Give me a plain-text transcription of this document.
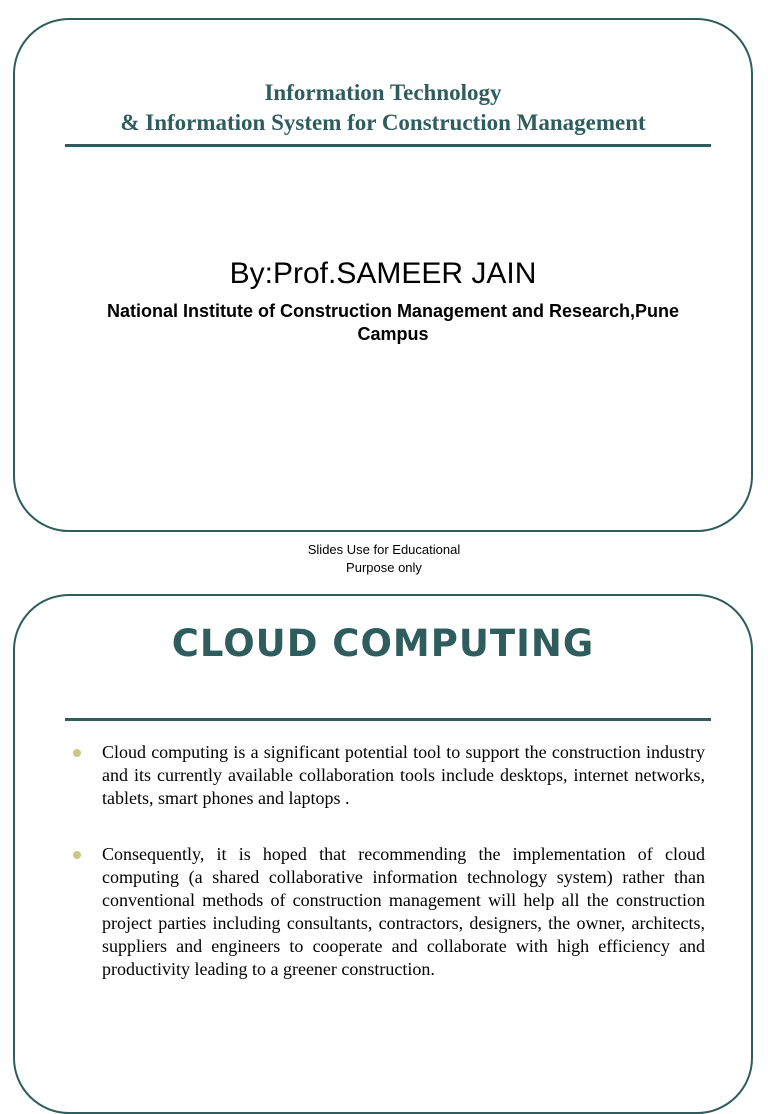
Information Technology
& Information System for Construction Management
By:Prof.SAMEER JAIN
National Institute of Construction Management and Research,Pune Campus
Slides Use for Educational
Purpose only
CLOUD COMPUTING
Cloud computing is a significant potential tool to support the construction industry and its currently available collaboration tools include desktops, internet networks, tablets, smart phones and laptops .
Consequently, it is hoped that recommending the implementation of cloud computing (a shared collaborative information technology system) rather than conventional methods of construction management will help all the construction project parties including consultants, contractors, designers, the owner, architects, suppliers and engineers to cooperate and collaborate with high efficiency and productivity leading to a greener construction.
